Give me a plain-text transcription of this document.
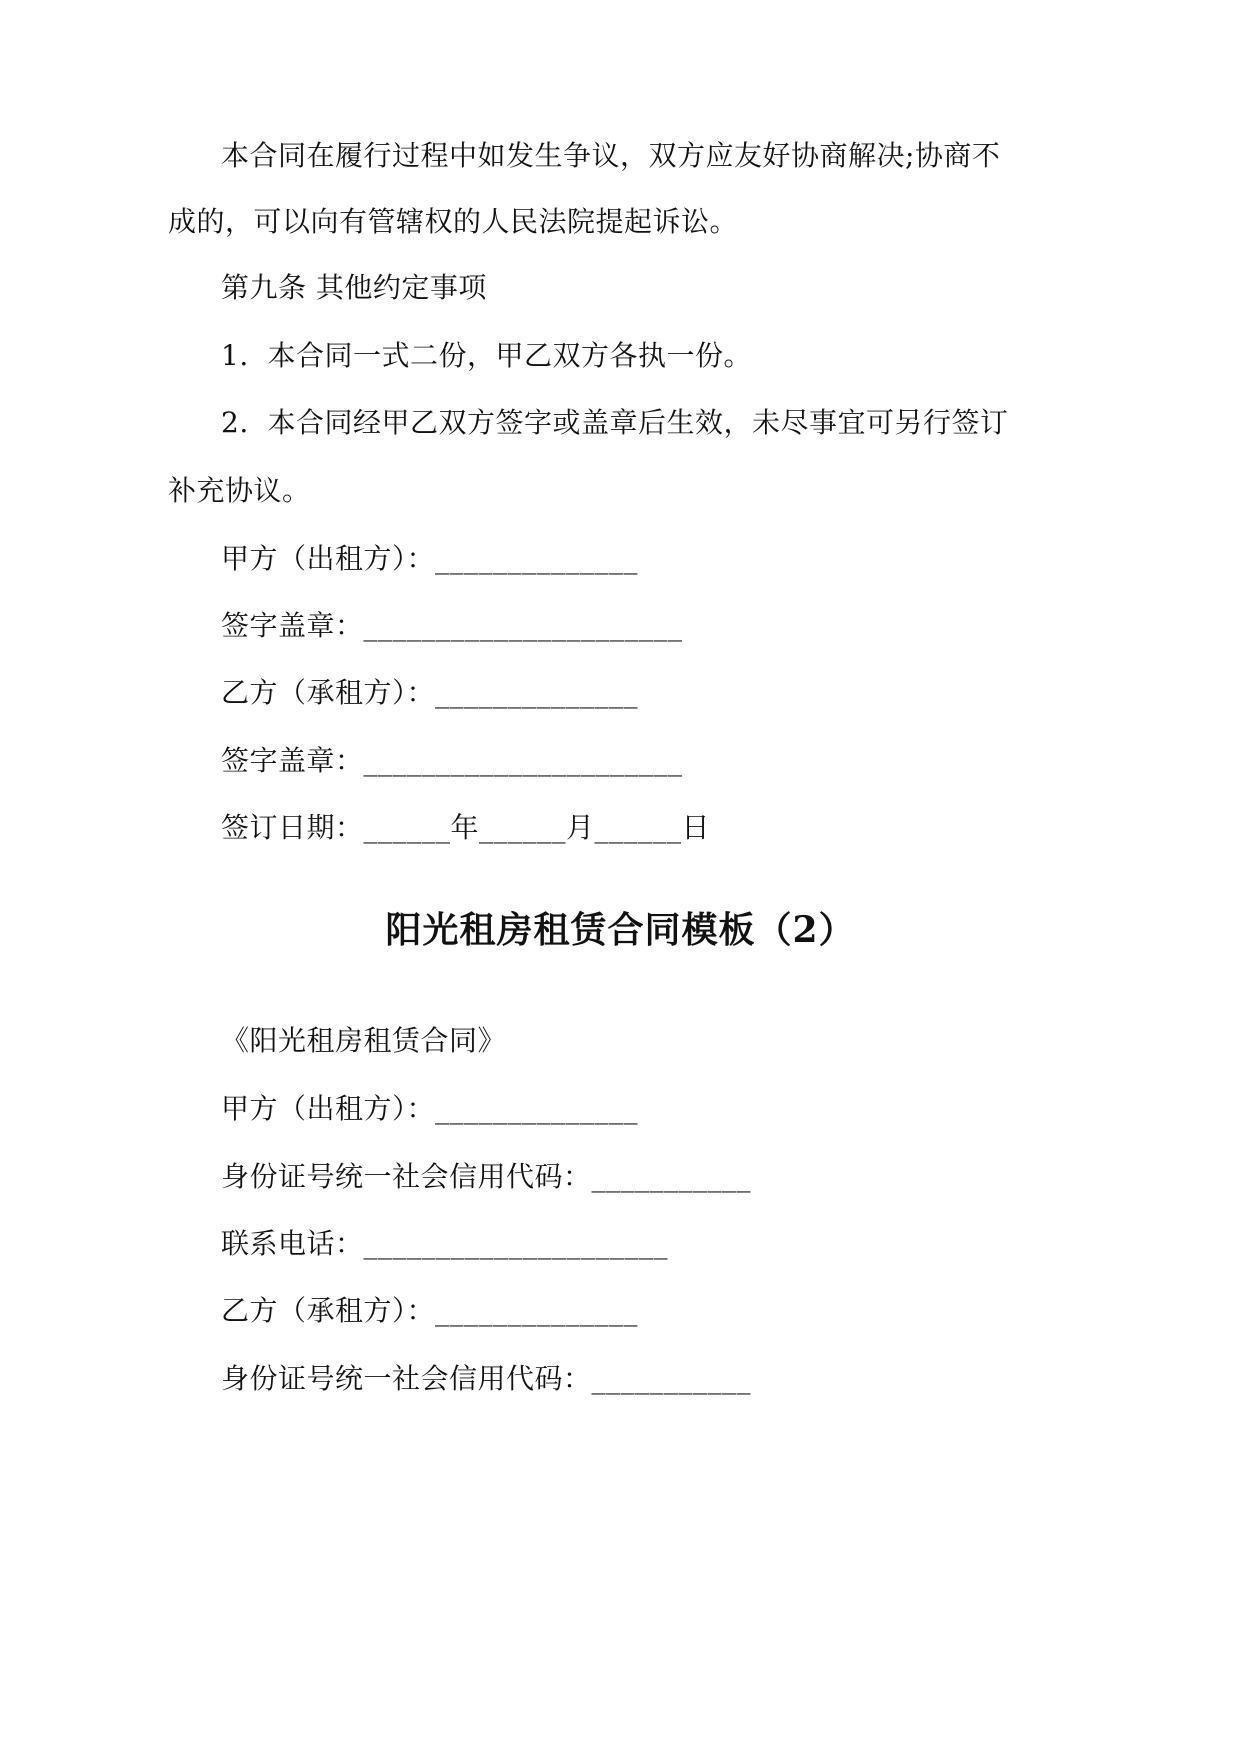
本合同在履行过程中如发生争议，双方应友好协商解决;协商不
成的，可以向有管辖权的人民法院提起诉讼。
第九条 其他约定事项
1.  本合同一式二份，甲乙双方各执一份。
2.  本合同经甲乙双方签字或盖章后生效，未尽事宜可另行签订
补充协议。
甲方（出租方）：______________
签字盖章：______________________
乙方（承租方）：______________
签字盖章：______________________
签订日期：______年______月______日
阳光租房租赁合同模板（2）
《阳光租房租赁合同》
甲方（出租方）：______________
身份证号统一社会信用代码：___________
联系电话：_____________________
乙方（承租方）：______________
身份证号统一社会信用代码：___________
